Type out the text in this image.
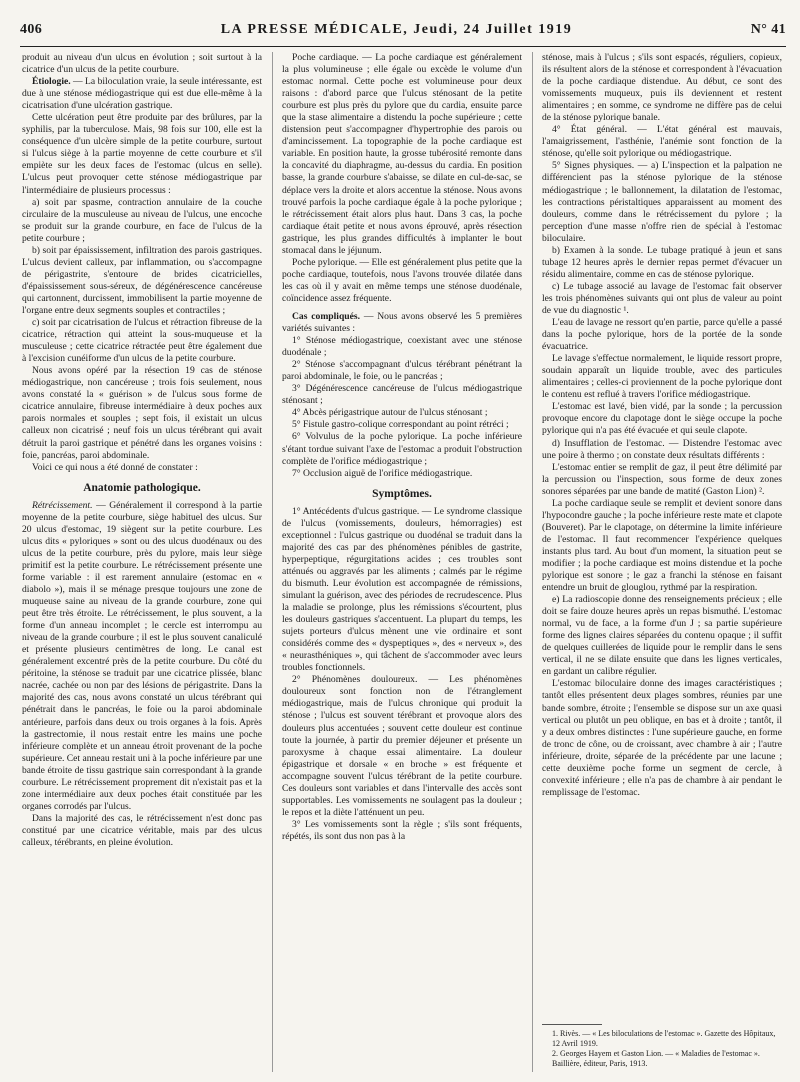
406	LA PRESSE MÉDICALE, Jeudi, 24 Juillet 1919	N° 41

produit au niveau d'un ulcus en évolution ; soit surtout à la cicatrice d'un ulcus de la petite courbure.

Étiologie. — La biloculation vraie, la seule intéressante, est due à une sténose médiogastrique qui est due elle-même à la cicatrisation d'une ulcération gastrique.

Cette ulcération peut être produite par des brûlures, par la syphilis, par la tuberculose. Mais, 98 fois sur 100, elle est la conséquence d'un ulcère simple de la petite courbure, surtout si l'ulcus siège à la partie moyenne de cette courbure et s'il empiète sur les deux faces de l'estomac (ulcus en selle). L'ulcus peut provoquer cette sténose médiogastrique par l'intermédiaire de plusieurs processus :

a) soit par spasme, contraction annulaire de la couche circulaire de la musculeuse au niveau de l'ulcus, une encoche se produit sur la grande courbure, en face de l'ulcus de la petite courbure ;

b) soit par épaississement, infiltration des parois gastriques. L'ulcus devient calleux, par inflammation, ou s'accompagne de périgastrite, s'entoure de brides cicatricielles, d'épaississement sous-séreux, de dégénérescence cancéreuse qui cartonnent, durcissent, immobilisent la partie moyenne de l'organe entre deux segments souples et contractiles ;

c) soit par cicatrisation de l'ulcus et rétraction fibreuse de la cicatrice, rétraction qui atteint la sous-muqueuse et la musculeuse ; cette cicatrice rétractée peut être également due à l'excision cunéiforme d'un ulcus de la petite courbure.

Nous avons opéré par la résection 19 cas de sténose médiogastrique, non cancéreuse ; trois fois seulement, nous avons constaté la « guérison » de l'ulcus sous forme de cicatrice annulaire, fibreuse intermédiaire à deux poches aux parois normales et souples ; sept fois, il existait un ulcus calleux non cicatrisé ; neuf fois un ulcus térébrant qui avait détruit la paroi gastrique et pénétré dans les organes voisins : foie, pancréas, paroi abdominale.

Voici ce qui nous a été donné de constater :

Anatomie pathologique.

Rétrécissement. — Généralement il correspond à la partie moyenne de la petite courbure, siège habituel des ulcus. Sur 20 ulcus d'estomac, 19 siègent sur la petite courbure. Les ulcus dits « pyloriques » sont ou des ulcus duodénaux ou des ulcus de la petite courbure, près du pylore, mais leur siège primitif est la petite courbure. Le rétrécissement présente une forme variable : il est rarement annulaire (estomac en « diabolo »), mais il se ménage presque toujours une zone de muqueuse saine au niveau de la grande courbure, zone qui peut être très étroite. Le rétrécissement, le plus souvent, a la forme d'un anneau incomplet ; le cercle est interrompu au niveau de la grande courbure ; il est le plus souvent canaliculé et présente plusieurs centimètres de long. Le canal est généralement excentré près de la petite courbure. Du côté du péritoine, la sténose se traduit par une cicatrice plissée, blanc nacrée, cachée ou non par des lésions de périgastrite. Dans la majorité des cas, nous avons constaté un ulcus térébrant qui pénétrait dans le pancréas, le foie ou la paroi abdominale antérieure, parfois dans deux ou trois organes à la fois. Après la gastrectomie, il nous restait entre les mains une poche inférieure complète et un anneau étroit provenant de la poche supérieure. Cet anneau restait uni à la poche inférieure par une bande étroite de tissu gastrique sain correspondant à la grande courbure. Le rétrécissement proprement dit n'existait pas et la zone intermédiaire aux deux poches était constituée par les organes corrodés par l'ulcus.

Dans la majorité des cas, le rétrécissement n'est donc pas constitué par une cicatrice véritable, mais par des ulcus calleux, térébrants, en pleine évolution.

Poche cardiaque. — La poche cardiaque est généralement la plus volumineuse ; elle égale ou excède le volume d'un estomac normal. Cette poche est volumineuse pour deux raisons : d'abord parce que l'ulcus sténosant de la petite courbure est plus près du pylore que du cardia, ensuite parce que la stase alimentaire a distendu la poche supérieure ; cette distension peut s'accompagner d'hypertrophie des parois ou d'amincissement. La topographie de la poche cardiaque est variable. En position haute, la grosse tubérosité remonte dans la concavité du diaphragme, au-dessus du cardia. En position basse, la grande courbure s'abaisse, se dilate en cul-de-sac, se déplace vers la droite et alors accentue la sténose. Nous avons trouvé parfois la poche cardiaque égale à la poche pylorique ; le rétrécissement était alors plus haut. Dans 3 cas, la poche cardiaque était petite et nous avons éprouvé, après résection gastrique, les plus grandes difficultés à implanter le bout stomacal dans le jéjunum.

Poche pylorique. — Elle est généralement plus petite que la poche cardiaque, toutefois, nous l'avons trouvée dilatée dans les cas où il y avait en même temps une sténose duodénale, coïncidence assez fréquente.

Cas compliqués. — Nous avons observé les 5 premières variétés suivantes :

1° Sténose médiogastrique, coexistant avec une sténose duodénale ;

2° Sténose s'accompagnant d'ulcus térébrant pénétrant la paroi abdominale, le foie, ou le pancréas ;

3° Dégénérescence cancéreuse de l'ulcus médiogastrique sténosant ;

4° Abcès périgastrique autour de l'ulcus sténosant ;

5° Fistule gastro-colique correspondant au point rétréci ;

6° Volvulus de la poche pylorique. La poche inférieure s'étant tordue suivant l'axe de l'estomac a produit l'obstruction complète de l'orifice médiogastrique ;

7° Occlusion aiguë de l'orifice médiogastrique.

Symptômes.

1° Antécédents d'ulcus gastrique. — Le syndrome classique de l'ulcus (vomissements, douleurs, hémorragies) est exceptionnel : l'ulcus gastrique ou duodénal se traduit dans la majorité des cas par des phénomènes pénibles de gastrite, hyperpeptique, régurgitations acides ; ces troubles sont atténués ou aggravés par les aliments ; calmés par le régime du bismuth. Leur évolution est accompagnée de rémissions, simulant la guérison, avec des périodes de recrudescence. Plus la maladie se prolonge, plus les rémissions s'écourtent, plus les douleurs gastriques s'accentuent. La plupart du temps, les sujets porteurs d'ulcus mènent une vie ordinaire et sont considérés comme des « dyspeptiques », des « nerveux », des « neurasthéniques », qui tâchent de s'accommoder avec leurs troubles fonctionnels.

2° Phénomènes douloureux. — Les phénomènes douloureux sont fonction non de l'étranglement médiogastrique, mais de l'ulcus chronique qui produit la sténose ; l'ulcus est souvent térébrant et provoque alors des douleurs plus accentuées ; souvent cette douleur est continue toute la journée, à partir du premier déjeuner et présente un paroxysme à chaque essai alimentaire. La douleur épigastrique et dorsale « en broche » est fréquente et accompagne souvent l'ulcus térébrant de la petite courbure. Ces douleurs sont variables et dans l'intervalle des accès sont supportables. Les vomissements ne soulagent pas la douleur ; le repos et la diète l'atténuent un peu.

3° Les vomissements sont la règle ; s'ils sont fréquents, répétés, ils sont dus non pas à la

sténose, mais à l'ulcus ; s'ils sont espacés, réguliers, copieux, ils résultent alors de la sténose et correspondent à l'évacuation de la poche cardiaque distendue. Au début, ce sont des vomissements muqueux, puis ils deviennent et restent alimentaires ; en somme, ce syndrome ne diffère pas de celui de la sténose pylorique banale.

4° État général. — L'état général est mauvais, l'amaigrissement, l'asthénie, l'anémie sont fonction de la sténose, qu'elle soit pylorique ou médiogastrique.

5° Signes physiques. — a) L'inspection et la palpation ne différencient pas la sténose pylorique de la sténose médiogastrique ; le ballonnement, la dilatation de l'estomac, les contractions péristaltiques apparaissent au moment des douleurs, comme dans le rétrécissement du pylore ; la perception d'une masse n'offre rien de spécial à l'estomac biloculaire.

b) Examen à la sonde. Le tubage pratiqué à jeun et sans tubage 12 heures après le dernier repas permet d'évacuer un résidu alimentaire, comme en cas de sténose pylorique.

c) Le tubage associé au lavage de l'estomac fait observer les trois phénomènes suivants qui ont plus de valeur au point de vue du diagnostic ¹.

L'eau de lavage ne ressort qu'en partie, parce qu'elle a passé dans la poche pylorique, hors de la portée de la sonde évacuatrice.

Le lavage s'effectue normalement, le liquide ressort propre, soudain apparaît un liquide trouble, avec des particules alimentaires ; celles-ci proviennent de la poche pylorique dont le contenu est reflué à travers l'orifice médiogastrique.

L'estomac est lavé, bien vidé, par la sonde ; la percussion provoque encore du clapotage dont le siège occupe la poche pylorique qui n'a pas été évacuée et qui seule clapote.

d) Insufflation de l'estomac. — Distendre l'estomac avec une poire à thermo ; on constate deux résultats différents :

L'estomac entier se remplit de gaz, il peut être délimité par la percussion ou l'inspection, sous forme de deux zones sonores séparées par une bande de matité (Gaston Lion) ².

La poche cardiaque seule se remplit et devient sonore dans l'hypocondre gauche ; la poche inférieure reste mate et clapote (Bouveret). Par le clapotage, on détermine la limite inférieure de l'estomac. Il faut recommencer l'expérience quelques instants plus tard. Au bout d'un moment, la situation peut se modifier ; la poche cardiaque est moins distendue et la poche pylorique est sonore ; le gaz a franchi la sténose en faisant entendre un bruit de glouglou, rythmé par la respiration.

e) La radioscopie donne des renseignements précieux ; elle doit se faire douze heures après un repas bismuthé. L'estomac normal, vu de face, a la forme d'un J ; sa partie supérieure forme des lignes claires séparées du contenu opaque ; il suffit de quelques cuillerées de liquide pour le remplir dans le sens vertical, il ne se dilate ensuite que dans les lignes verticales, en gardant un calibre régulier.

L'estomac biloculaire donne des images caractéristiques ; tantôt elles présentent deux plages sombres, réunies par une bande sombre, étroite ; l'ensemble se dispose sur un axe quasi vertical ou plutôt un peu oblique, en bas et à droite ; tantôt, il y a deux ombres distinctes : l'une supérieure gauche, en forme de tronc de cône, ou de croissant, avec chambre à air ; l'autre inférieure, droite, séparée de la précédente par une lacune ; cette deuxième poche forme un segment de cercle, à convexité inférieure ; elle n'a pas de chambre à air pendant le remplissage de l'estomac.

1. Rivès. — « Les biloculations de l'estomac ». Gazette des Hôpitaux, 12 Avril 1919.

2. Georges Hayem et Gaston Lion. — « Maladies de l'estomac ». Baillière, éditeur, Paris, 1913.
